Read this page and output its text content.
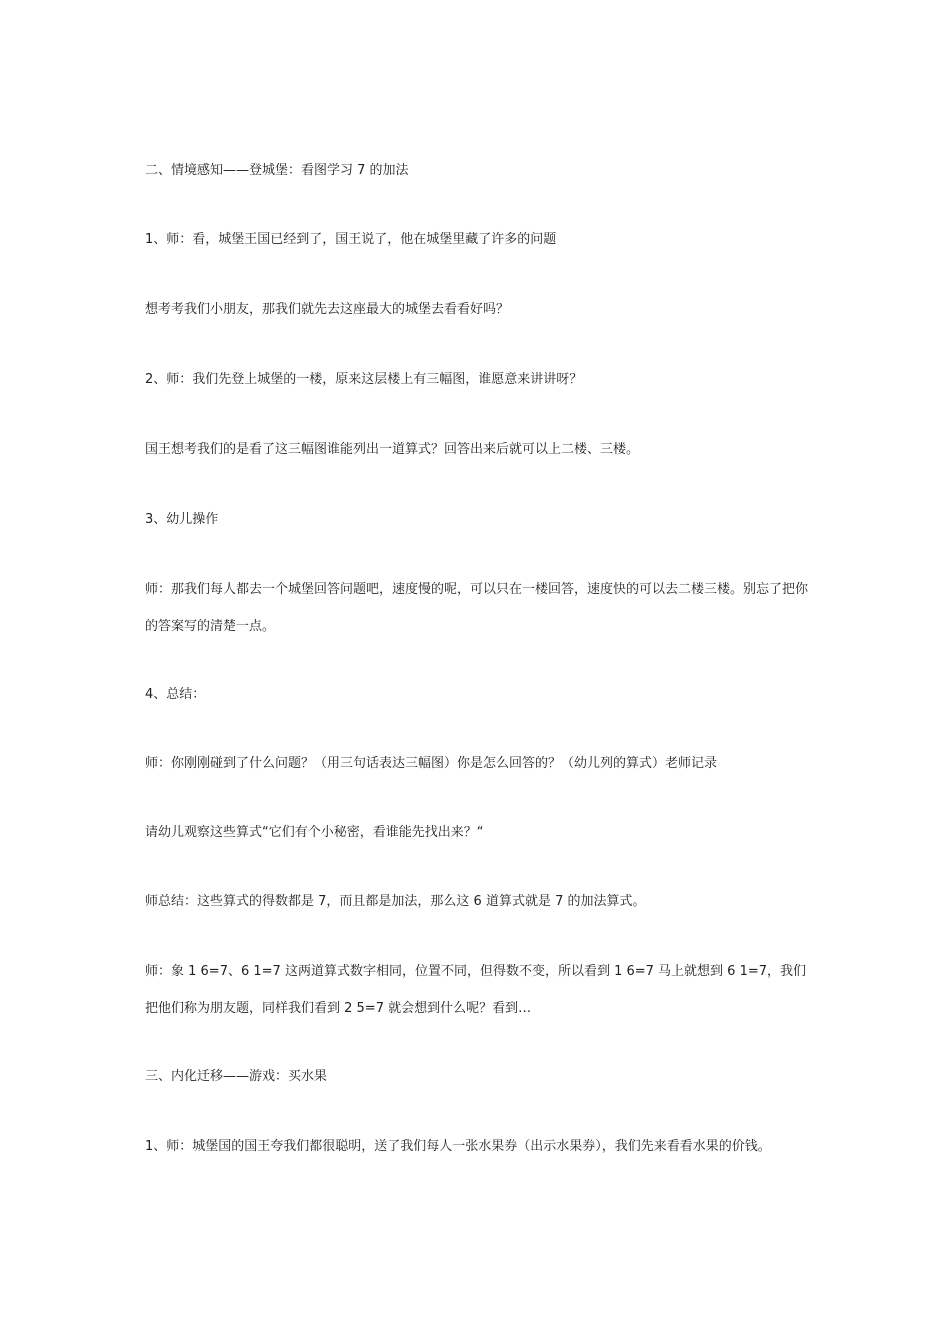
二、情境感知——登城堡：看图学习 7 的加法

1、师：看，城堡王国已经到了，国王说了，他在城堡里藏了许多的问题

想考考我们小朋友，那我们就先去这座最大的城堡去看看好吗？

2、师：我们先登上城堡的一楼，原来这层楼上有三幅图，谁愿意来讲讲呀？

国王想考我们的是看了这三幅图谁能列出一道算式？回答出来后就可以上二楼、三楼。

3、幼儿操作

师：那我们每人都去一个城堡回答问题吧，速度慢的呢，可以只在一楼回答，速度快的可以去二楼三楼。别忘了把你的答案写的清楚一点。

4、总结：

师：你刚刚碰到了什么问题？（用三句话表达三幅图）你是怎么回答的？（幼儿列的算式）老师记录

请幼儿观察这些算式“它们有个小秘密，看谁能先找出来？“

师总结：这些算式的得数都是 7，而且都是加法，那么这 6 道算式就是 7 的加法算式。

师：象 1 6=7、6 1=7 这两道算式数字相同，位置不同，但得数不变，所以看到 1 6=7 马上就想到 6 1=7，我们把他们称为朋友题，同样我们看到 2 5=7 就会想到什么呢？看到…

三、内化迁移——游戏：买水果

1、师：城堡国的国王夸我们都很聪明，送了我们每人一张水果券（出示水果券），我们先来看看水果的价钱。
